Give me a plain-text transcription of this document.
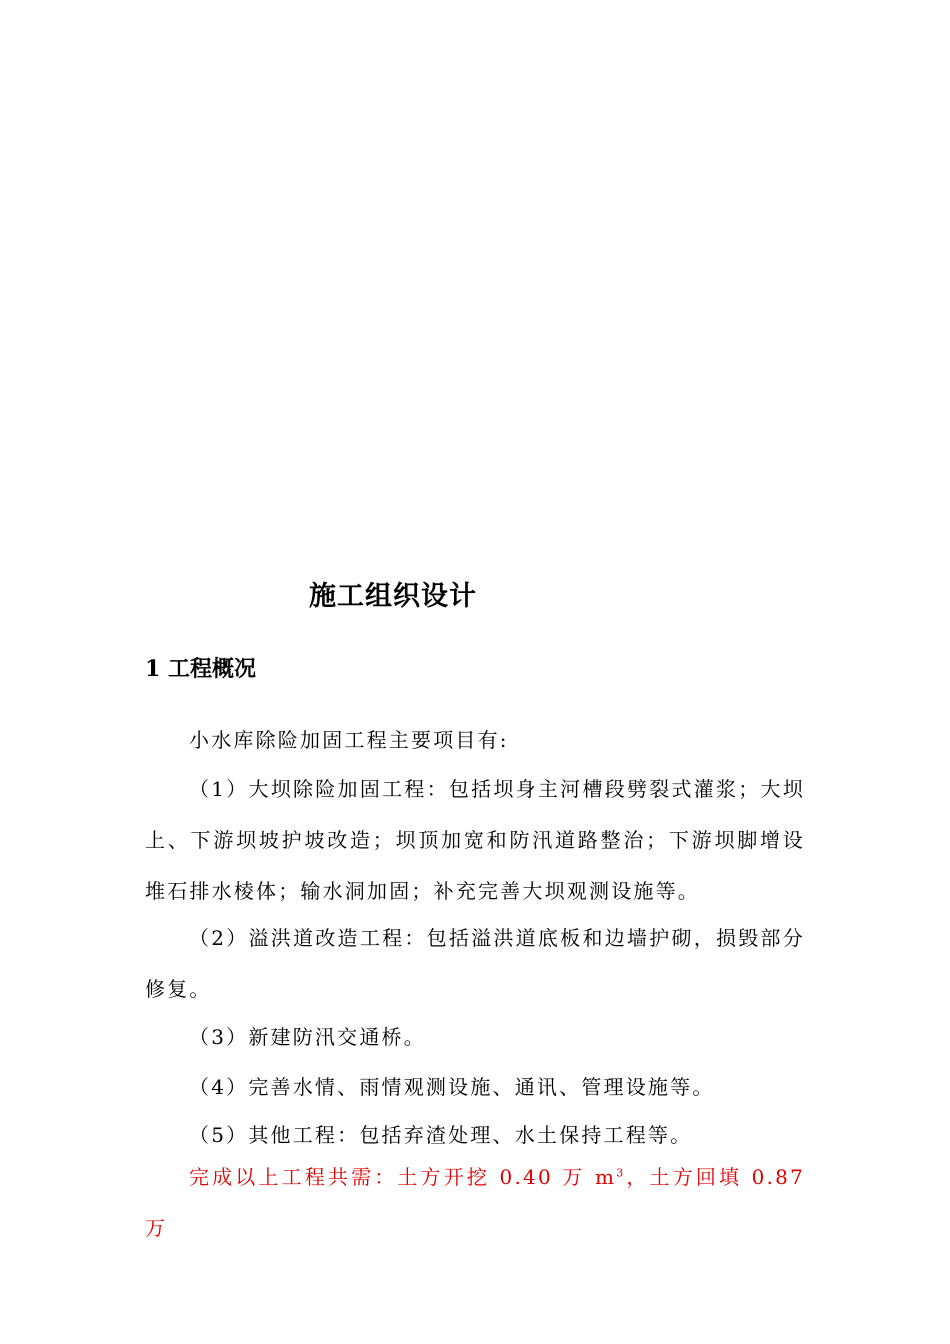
施工组织设计
1 工程概况

小水库除险加固工程主要项目有:

（1）大坝除险加固工程：包括坝身主河槽段劈裂式灌浆；大坝上、下游坝坡护坡改造；坝顶加宽和防汛道路整治；下游坝脚增设堆石排水棱体；输水洞加固；补充完善大坝观测设施等。

（2）溢洪道改造工程：包括溢洪道底板和边墙护砌，损毁部分修复。

（3）新建防汛交通桥。

（4）完善水情、雨情观测设施、通讯、管理设施等。

（5）其他工程：包括弃渣处理、水土保持工程等。

完成以上工程共需：土方开挖 0.40 万 $m^3$，土方回填 0.87 万
